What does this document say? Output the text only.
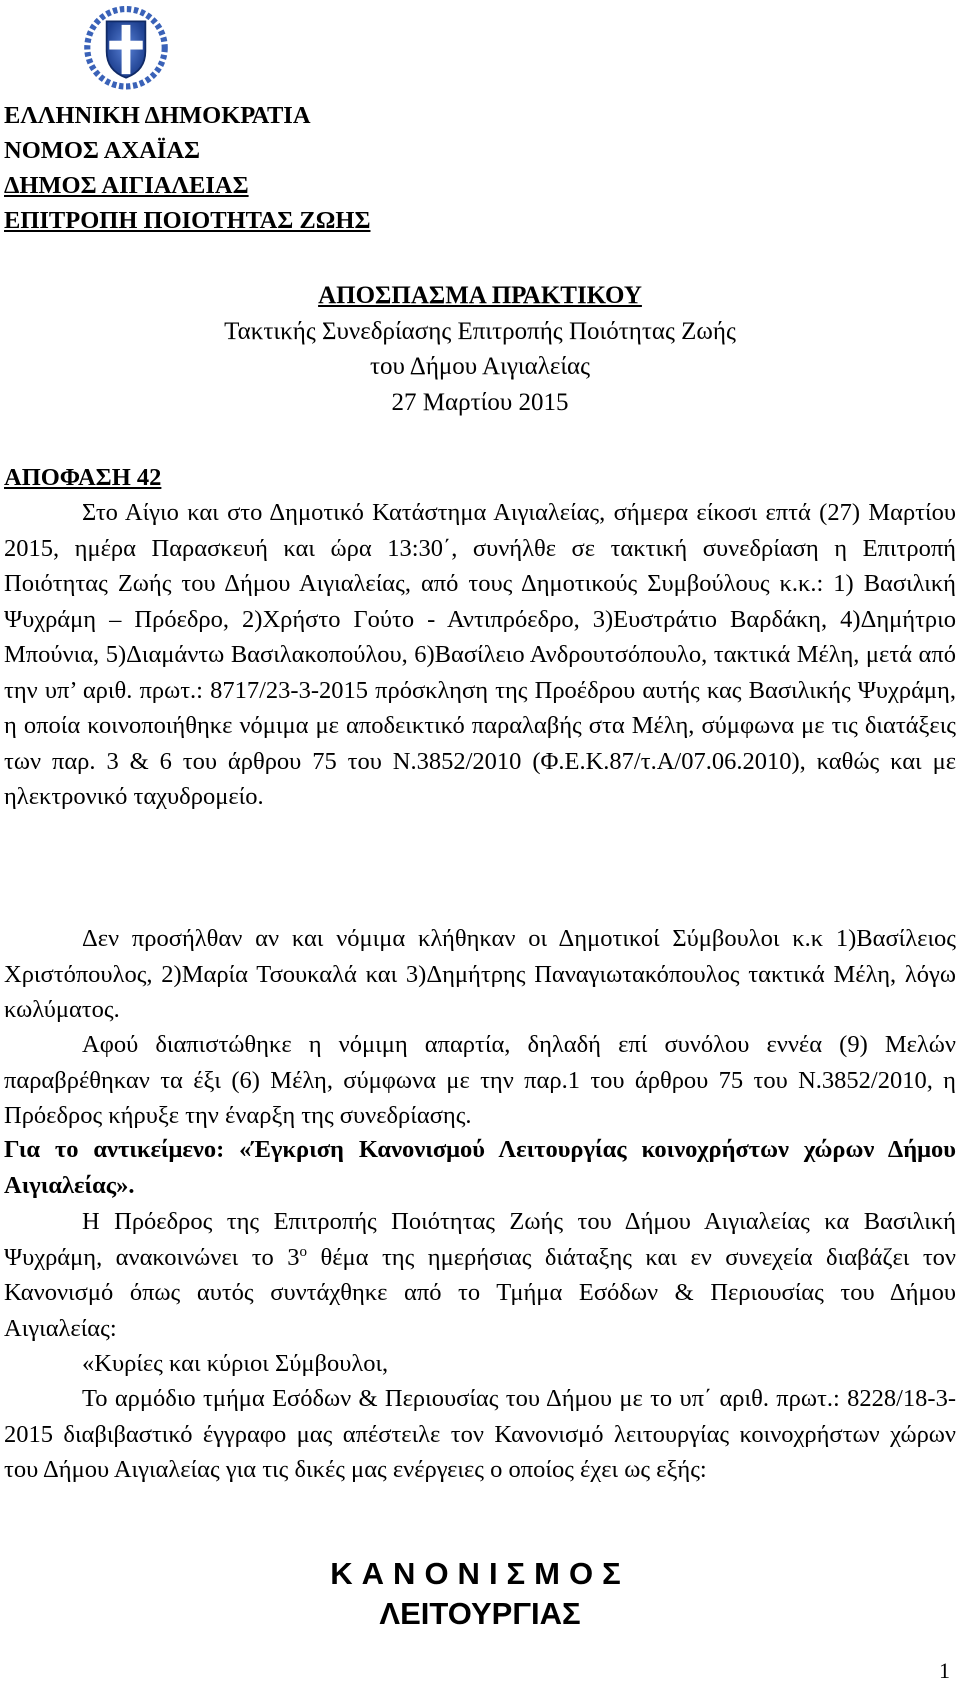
ΕΛΛΗΝΙΚΗ ΔΗΜΟΚΡΑΤΙΑ

ΝΟΜΟΣ ΑΧΑΪΑΣ

ΔΗΜΟΣ ΑΙΓΙΑΛΕΙΑΣ

ΕΠΙΤΡΟΠΗ ΠΟΙΟΤΗΤΑΣ ΖΩΗΣ

ΑΠΟΣΠΑΣΜΑ ΠΡΑΚΤΙΚΟΥ

Τακτικής Συνεδρίασης Επιτροπής Ποιότητας Ζωής

του Δήμου Αιγιαλείας

27 Μαρτίου 2015

ΑΠΟΦΑΣΗ 42

Στο Αίγιο και στο Δημοτικό Κατάστημα Αιγιαλείας, σήμερα είκοσι επτά (27) Μαρτίου 2015, ημέρα Παρασκευή και ώρα 13:30΄, συνήλθε σε τακτική συνεδρίαση η Επιτροπή Ποιότητας Ζωής του Δήμου Αιγιαλείας, από τους Δημοτικούς Συμβούλους κ.κ.: 1) Βασιλική Ψυχράμη – Πρόεδρο, 2)Χρήστο Γούτο - Αντιπρόεδρο, 3)Ευστράτιο Βαρδάκη, 4)Δημήτριο Μπούνια, 5)Διαμάντω Βασιλακοπούλου, 6)Βασίλειο Ανδρουτσόπουλο, τακτικά Μέλη, μετά από την υπ’ αριθ. πρωτ.: 8717/23-3-2015 πρόσκληση της Προέδρου αυτής κας Βασιλικής Ψυχράμη, η οποία κοινοποιήθηκε νόμιμα με αποδεικτικό παραλαβής στα Μέλη, σύμφωνα με τις διατάξεις των παρ. 3 & 6 του άρθρου 75 του Ν.3852/2010 (Φ.Ε.Κ.87/τ.Α/07.06.2010), καθώς και με ηλεκτρονικό ταχυδρομείο.

Δεν προσήλθαν αν και νόμιμα κλήθηκαν οι Δημοτικοί Σύμβουλοι κ.κ 1)Βασίλειος Χριστόπουλος, 2)Μαρία Τσουκαλά και 3)Δημήτρης Παναγιωτακόπουλος τακτικά Μέλη, λόγω κωλύματος.

Αφού διαπιστώθηκε η νόμιμη απαρτία, δηλαδή επί συνόλου εννέα (9) Μελών παραβρέθηκαν τα έξι (6) Μέλη, σύμφωνα με την παρ.1 του άρθρου 75 του Ν.3852/2010, η Πρόεδρος κήρυξε την έναρξη της συνεδρίασης.

Για το αντικείμενο: «Έγκριση Κανονισμού Λειτουργίας κοινοχρήστων χώρων Δήμου Αιγιαλείας».

Η Πρόεδρος της Επιτροπής Ποιότητας Ζωής του Δήμου Αιγιαλείας κα Βασιλική Ψυχράμη, ανακοινώνει το $3^o$ θέμα της ημερήσιας διάταξης και εν συνεχεία διαβάζει τον Κανονισμό όπως αυτός συντάχθηκε από το Τμήμα Εσόδων & Περιουσίας του Δήμου Αιγιαλείας:

«Κυρίες και κύριοι Σύμβουλοι,

Το αρμόδιο τμήμα Εσόδων & Περιουσίας του Δήμου με το υπ΄ αριθ. πρωτ.: 8228/18-3-2015 διαβιβαστικό έγγραφο μας απέστειλε τον Κανονισμό λειτουργίας κοινοχρήστων χώρων του Δήμου Αιγιαλείας για τις δικές μας ενέργειες ο οποίος έχει ως εξής:

ΚΑΝΟΝΙΣΜΟΣ

ΛΕΙΤΟΥΡΓΙΑΣ

1
